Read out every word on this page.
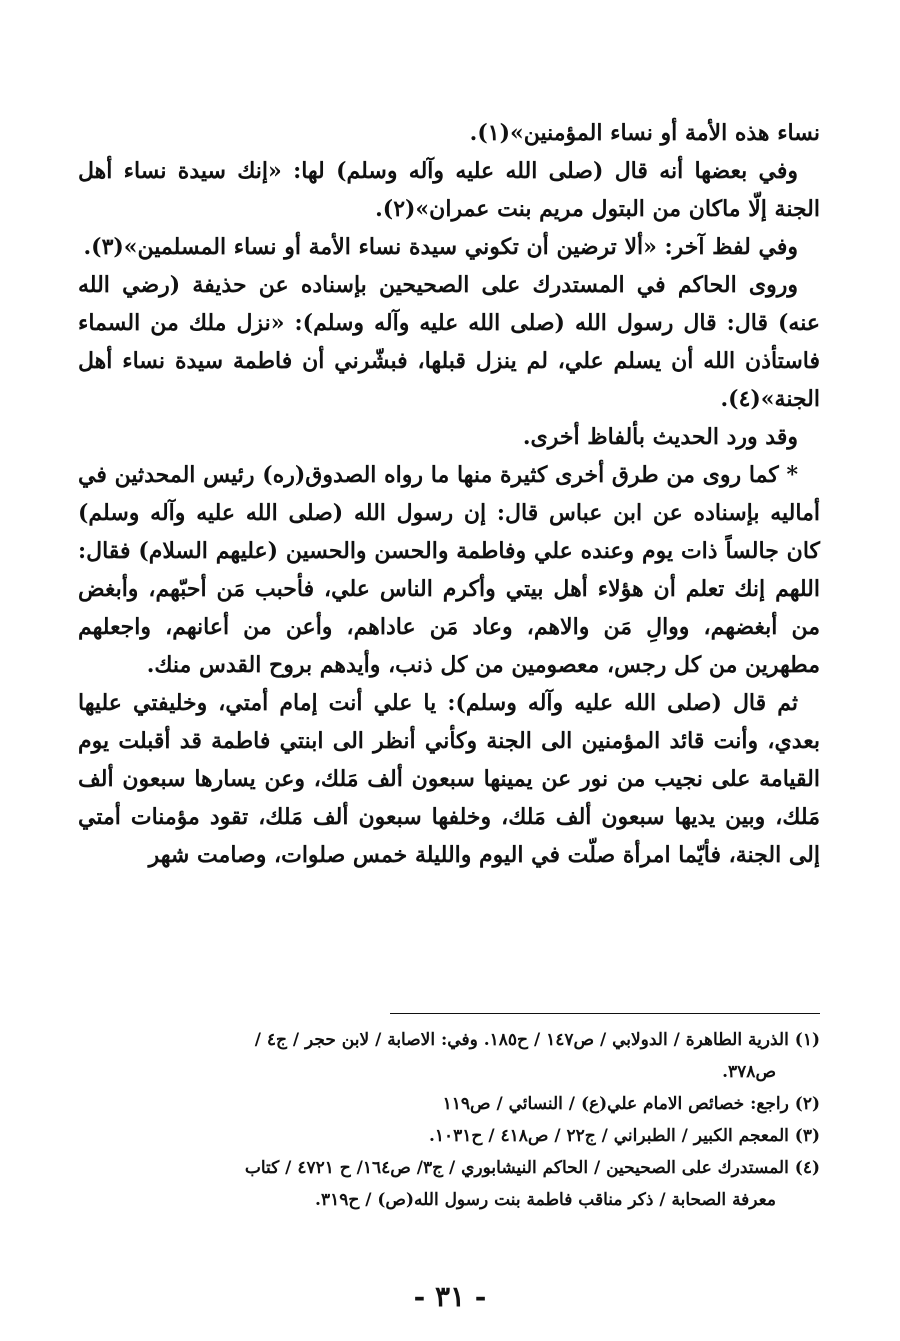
نساء هذه الأمة أو نساء المؤمنين»(١).

وفي بعضها أنه قال (صلى الله عليه وآله وسلم) لها: «إنك سيدة نساء أهل الجنة إلّا ماكان من البتول مريم بنت عمران»(٢).

وفي لفظ آخر: «ألا ترضين أن تكوني سيدة نساء الأمة أو نساء المسلمين»(٣).

وروى الحاكم في المستدرك على الصحيحين بإسناده عن حذيفة (رضي الله عنه) قال: قال رسول الله (صلى الله عليه وآله وسلم): «نزل ملك من السماء فاستأذن الله أن يسلم علي، لم ينزل قبلها، فبشّرني أن فاطمة سيدة نساء أهل الجنة»(٤).

وقد ورد الحديث بألفاظ أخرى.

* كما روى من طرق أخرى كثيرة منها ما رواه الصدوق(ره) رئيس المحدثين في أماليه بإسناده عن ابن عباس قال: إن رسول الله (صلى الله عليه وآله وسلم) كان جالساً ذات يوم وعنده علي وفاطمة والحسن والحسين (عليهم السلام) فقال: اللهم إنك تعلم أن هؤلاء أهل بيتي وأكرم الناس علي، فأحبب مَن أحبّهم، وأبغض من أبغضهم، ووالِ مَن والاهم، وعاد مَن عاداهم، وأعن من أعانهم، واجعلهم مطهرين من كل رجس، معصومين من كل ذنب، وأيدهم بروح القدس منك.

ثم قال (صلى الله عليه وآله وسلم): يا علي أنت إمام أمتي، وخليفتي عليها بعدي، وأنت قائد المؤمنين الى الجنة وكأني أنظر الى ابنتي فاطمة قد أقبلت يوم القيامة على نجيب من نور عن يمينها سبعون ألف مَلك، وعن يسارها سبعون ألف مَلك، وبين يديها سبعون ألف مَلك، وخلفها سبعون ألف مَلك، تقود مؤمنات أمتي إلى الجنة، فأيّما امرأة صلّت في اليوم والليلة خمس صلوات، وصامت شهر

(١) الذرية الطاهرة / الدولابي / ص١٤٧ / ح١٨٥. وفي: الاصابة / لابن حجر / ج٤ /

ص٣٧٨.

(٢) راجع: خصائص الامام علي(ع) / النسائي / ص١١٩

(٣) المعجم الكبير / الطبراني / ج٢٢ / ص٤١٨ / ح١٠٣١.

(٤) المستدرك على الصحيحين / الحاكم النيشابوري / ج٣/ ص١٦٤/ ح ٤٧٢١ / كتاب

معرفة الصحابة / ذكر مناقب فاطمة بنت رسول الله(ص) / ح٣١٩.

- ٣١ -
